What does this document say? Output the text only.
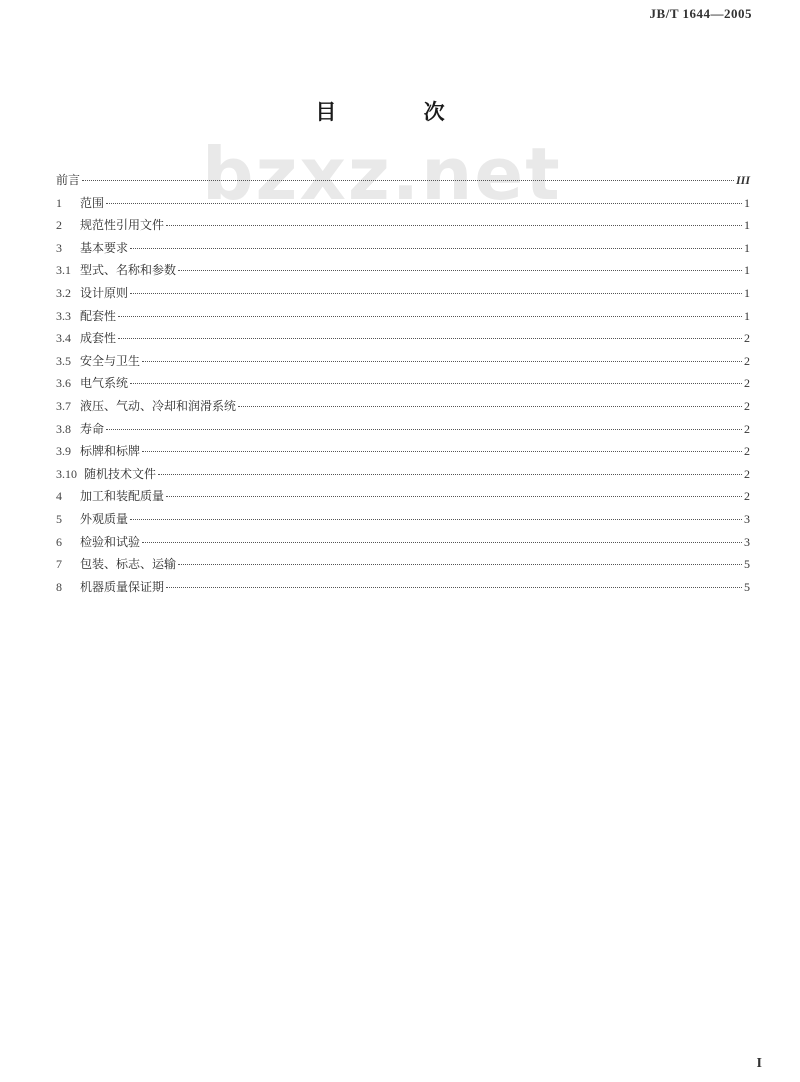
JB/T 1644—2005
bzxz.net
目 次
前言	III
1	范围	1
2	规范性引用文件	1
3	基本要求	1
3.1 型式、名称和参数	1
3.2 设计原则	1
3.3 配套性	1
3.4 成套性	2
3.5 安全与卫生	2
3.6 电气系统	2
3.7 液压、气动、冷却和润滑系统	2
3.8 寿命	2
3.9 标牌和标牌	2
3.10 随机技术文件	2
4	加工和装配质量	2
5	外观质量	3
6	检验和试验	3
7	包装、标志、运输	5
8	机器质量保证期	5
I
